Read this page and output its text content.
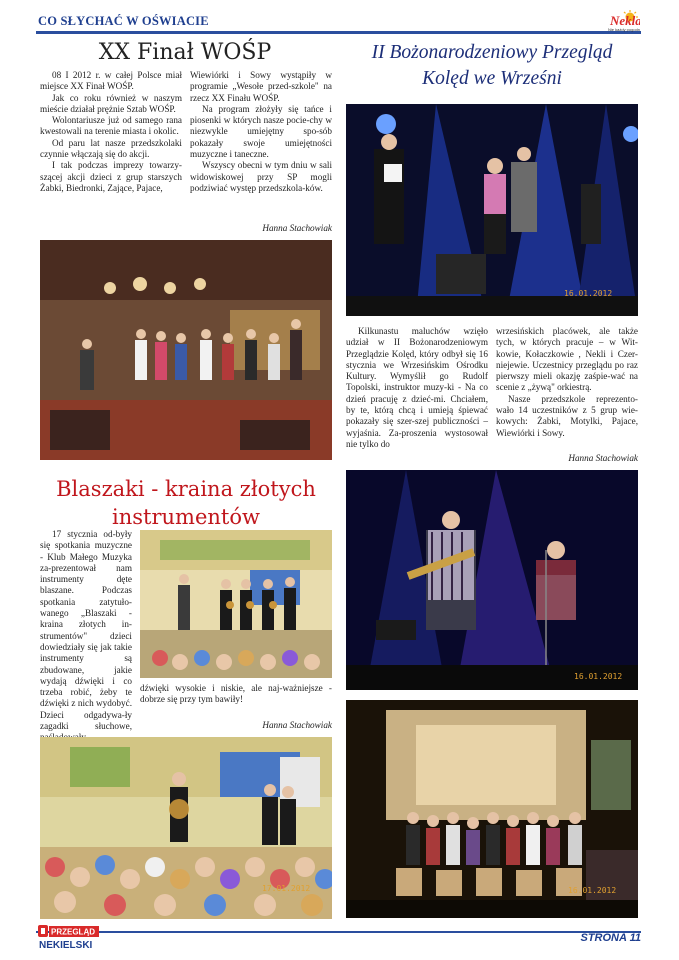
CO SŁYCHAĆ W OŚWIACIE	Nekla
Nie każdy pogodny!
XX Finał WOŚP

08 I 2012 r. w całej Polsce miał miejsce XX Finał WOŚP.

Jak co roku również w naszym mieście działał prężnie Sztab WOŚP.

Wolontariusze już od samego rana kwestowali na terenie miasta i okolic.

Od paru lat nasze przedszkolaki czynnie włączają się do akcji.

I tak podczas imprezy towarzy-szącej akcji dzieci z grup starszych Żabki, Biedronki, Zające, Pajace,

Wiewiórki i Sowy wystąpiły w programie „Wesołe przed-szkole" na rzecz XX Finału WOŚP.

Na program złożyły się tańce i piosenki w których nasze pocie-chy w niezwykle umiejętny spo-sób pokazały swoje umiejętności muzyczne i taneczne.

Wszyscy obecni w tym dniu w sali widowiskowej przy SP mogli podziwiać występ przedszkola-ków.

Hanna Stachowiak
II Bożonarodzeniowy Przegląd
Kolęd we Wrześni
16.01.2012

Kilkunastu maluchów wzięło udział w II Bożonarodzeniowym Przeglądzie Kolęd, który odbył się 16 stycznia we Wrzesińskim Ośrodku Kultury. Wymyślił go Rudolf Topolski, instruktor muzy-ki - Na co dzień pracuję z dzieć-mi. Chciałem, by te, którą chcą i umieją śpiewać pokazały się szer-szej publiczności – wyjaśnia. Za-proszenia wystosował nie tylko do

wrzesińskich placówek, ale także tych, w których pracuje – w Wit-kowie, Kołaczkowie , Nekli i Czer-niejewie. Uczestnicy przeglądu po raz pierwszy mieli okazję zaśpie-wać na scenie z „żywą" orkiestrą.

Nasze przedszkole reprezento-wało 14 uczestników z 5 grup wie-kowych: Żabki, Motylki, Pajace, Wiewiórki i Sowy.

Hanna Stachowiak
16.01.2012
16.01.2012
Blaszaki - kraina złotych
instrumentów

17 stycznia od-były się spotkania muzyczne - Klub Małego Muzyka za-prezentował nam instrumenty dęte blaszane. Podczas spotkania zatytuło-wanego „Blaszaki - kraina złotych in-strumentów" dzieci dowiedziały się jak takie instrumenty są zbudowane, jakie wydają dźwięki i co trzeba robić, żeby te dźwięki z nich wydobyć. Dzieci odgadywa-ły zagadki słuchowe,

dźwięki wysokie i niskie, ale naj-ważniejsze - dobrze się przy tym bawiły!

Hanna Stachowiak
17.01.2012
PRZEGLĄD
NEKIELSKI
STRONA 11
